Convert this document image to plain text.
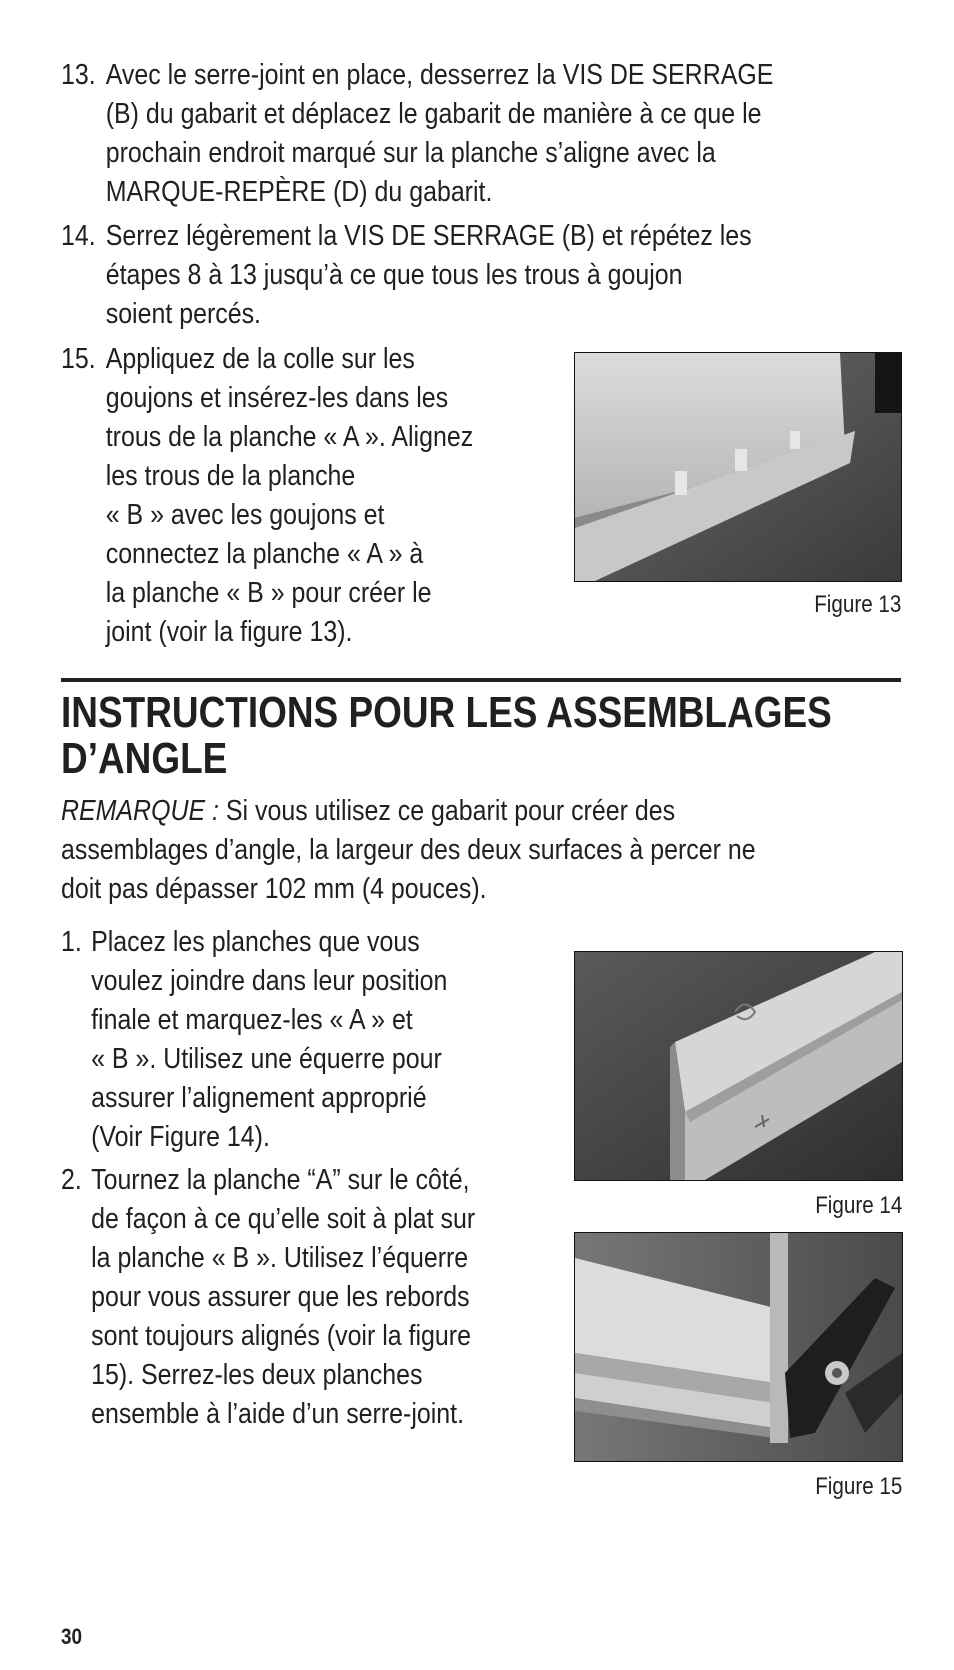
13. Avec le serre-joint en place, desserrez la VIS DE SERRAGE
(B) du gabarit et déplacez le gabarit de manière à ce que le
prochain endroit marqué sur la planche s’aligne avec la
MARQUE-REPÈRE (D) du gabarit.
14. Serrez légèrement la VIS DE SERRAGE (B) et répétez les
étapes 8 à 13 jusqu’à ce que tous les trous à goujon
soient percés.
15. Appliquez de la colle sur les
goujons et insérez-les dans les
trous de la planche « A ». Alignez
les trous de la planche
« B » avec les goujons et
connectez la planche « A » à
la planche « B » pour créer le
joint (voir la figure 13).
Figure 13
INSTRUCTIONS POUR LES ASSEMBLAGES
D’ANGLE
REMARQUE : Si vous utilisez ce gabarit pour créer des
assemblages d’angle, la largeur des deux surfaces à percer ne
doit pas dépasser 102 mm (4 pouces).
1. Placez les planches que vous
voulez joindre dans leur position
finale et marquez-les « A » et
« B ». Utilisez une équerre pour
assurer l’alignement approprié
(Voir Figure 14).
2. Tournez la planche “A” sur le côté,
de façon à ce qu’elle soit à plat sur
la planche « B ». Utilisez l’équerre
pour vous assurer que les rebords
sont toujours alignés (voir la figure
15). Serrez-les deux planches
ensemble à l’aide d’un serre-joint.
Figure 14
Figure 15
30
